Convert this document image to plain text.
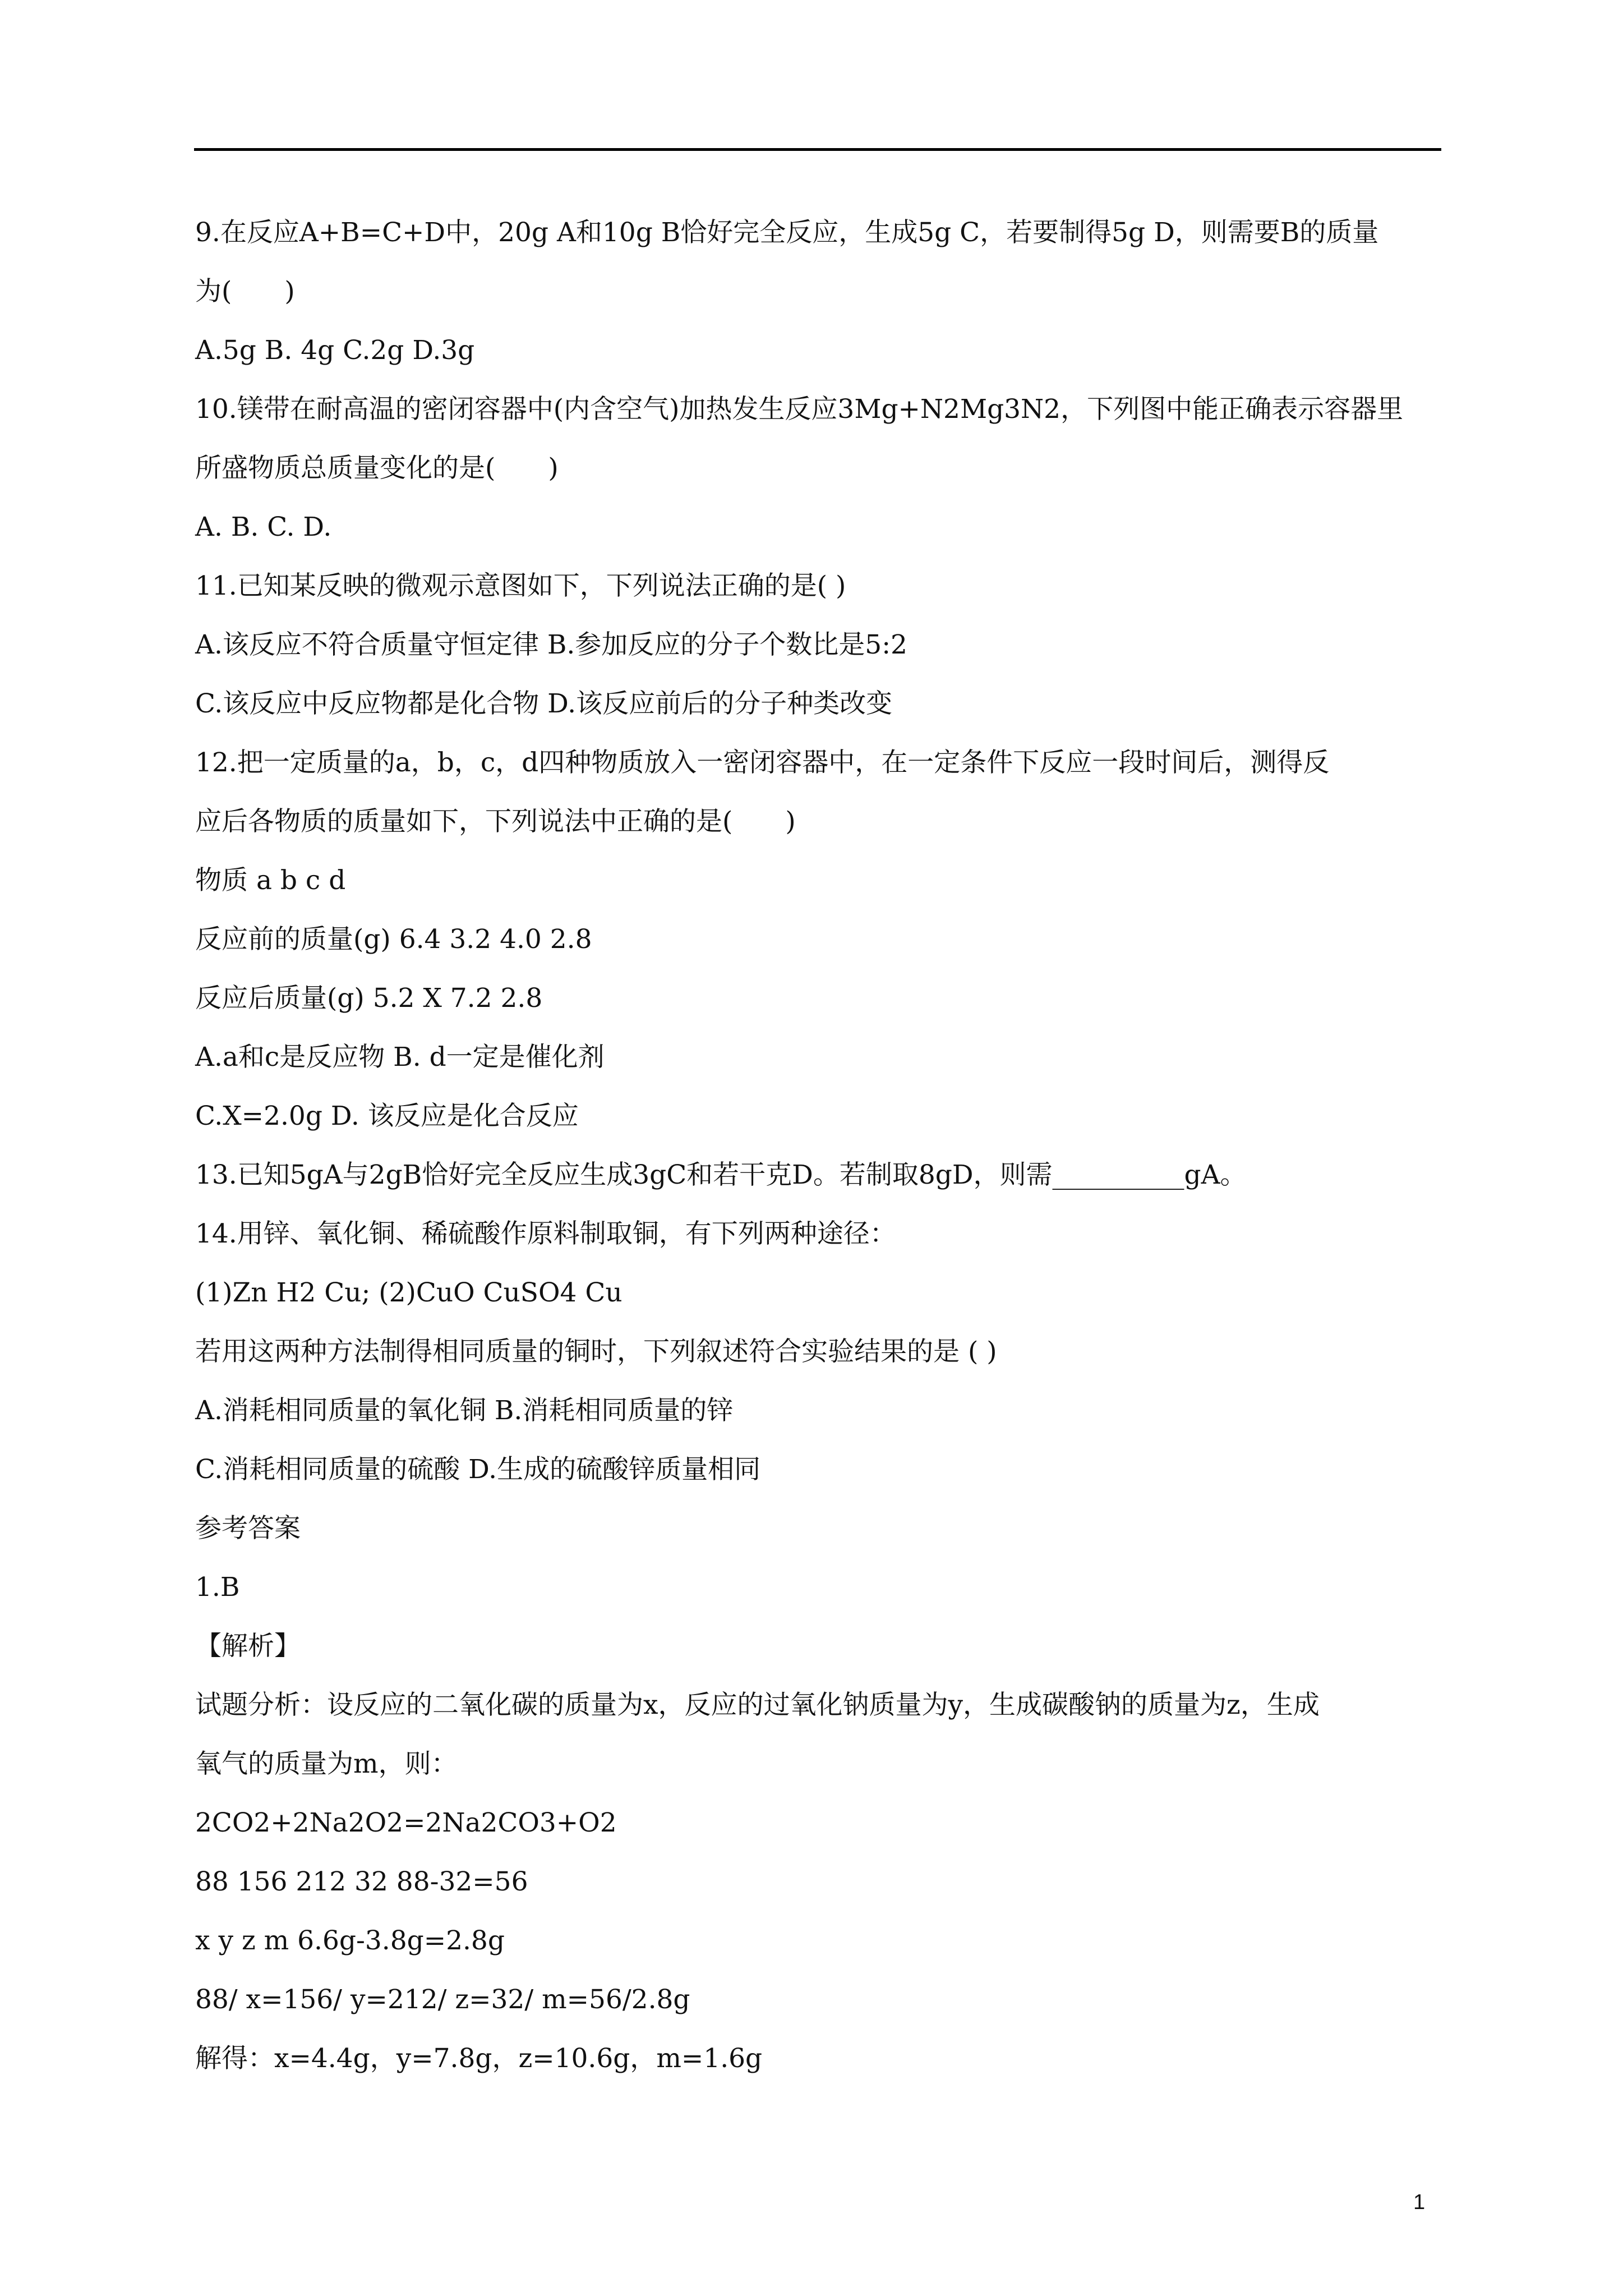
9.在反应A+B=C+D中，20g A和10g B恰好完全反应，生成5g C，若要制得5g D，则需要B的质量
为(　　)
A.5g B. 4g C.2g D.3g
10.镁带在耐高温的密闭容器中(内含空气)加热发生反应3Mg+N2Mg3N2，下列图中能正确表示容器里
所盛物质总质量变化的是(　　)
A. B. C. D.
11.已知某反映的微观示意图如下，下列说法正确的是( )
A.该反应不符合质量守恒定律 B.参加反应的分子个数比是5:2
C.该反应中反应物都是化合物 D.该反应前后的分子种类改变
12.把一定质量的a，b，c，d四种物质放入一密闭容器中，在一定条件下反应一段时间后，测得反
应后各物质的质量如下，下列说法中正确的是(　　)
物质 a b c d
反应前的质量(g) 6.4 3.2 4.0 2.8
反应后质量(g) 5.2 X 7.2 2.8
A.a和c是反应物 B. d一定是催化剂
C.X=2.0g D. 该反应是化合反应
13.已知5gA与2gB恰好完全反应生成3gC和若干克D。若制取8gD，则需__________gA。
14.用锌、氧化铜、稀硫酸作原料制取铜，有下列两种途径：
(1)Zn H2 Cu; (2)CuO CuSO4 Cu
若用这两种方法制得相同质量的铜时，下列叙述符合实验结果的是 ( )
A.消耗相同质量的氧化铜 B.消耗相同质量的锌
C.消耗相同质量的硫酸 D.生成的硫酸锌质量相同
参考答案
1.B
【解析】
试题分析：设反应的二氧化碳的质量为x，反应的过氧化钠质量为y，生成碳酸钠的质量为z，生成
氧气的质量为m，则：
2CO2+2Na2O2=2Na2CO3+O2
88 156 212 32 88-32=56
x y z m 6.6g-3.8g=2.8g
88/ x=156/ y=212/ z=32/ m=56/2.8g
解得：x=4.4g，y=7.8g，z=10.6g，m=1.6g
1
